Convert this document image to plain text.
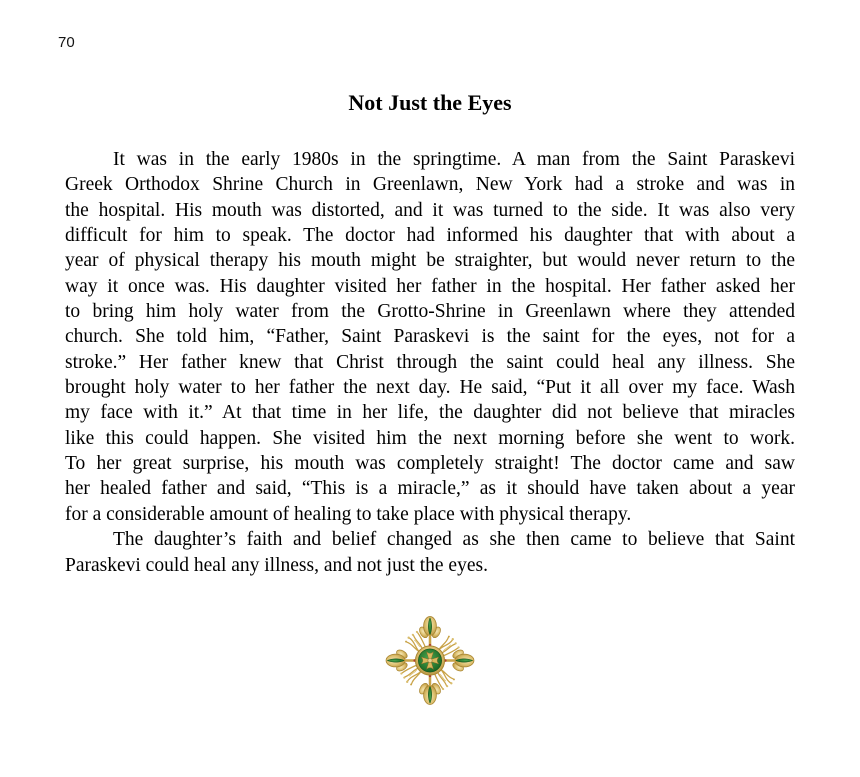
70
Not Just the Eyes
It was in the early 1980s in the springtime. A man from the Saint Paraskevi
Greek Orthodox Shrine Church in Greenlawn, New York had a stroke and was in
the hospital. His mouth was distorted, and it was turned to the side. It was also very
difficult for him to speak. The doctor had informed his daughter that with about a
year of physical therapy his mouth might be straighter, but would never return to the
way it once was. His daughter visited her father in the hospital. Her father asked her
to bring him holy water from the Grotto-Shrine in Greenlawn where they attended
church. She told him, “Father, Saint Paraskevi is the saint for the eyes, not for a
stroke.” Her father knew that Christ through the saint could heal any illness. She
brought holy water to her father the next day. He said, “Put it all over my face. Wash
my face with it.” At that time in her life, the daughter did not believe that miracles
like this could happen. She visited him the next morning before she went to work.
To her great surprise, his mouth was completely straight! The doctor came and saw
her healed father and said, “This is a miracle,” as it should have taken about a year
for a considerable amount of healing to take place with physical therapy.
The daughter’s faith and belief changed as she then came to believe that Saint
Paraskevi could heal any illness, and not just the eyes.
